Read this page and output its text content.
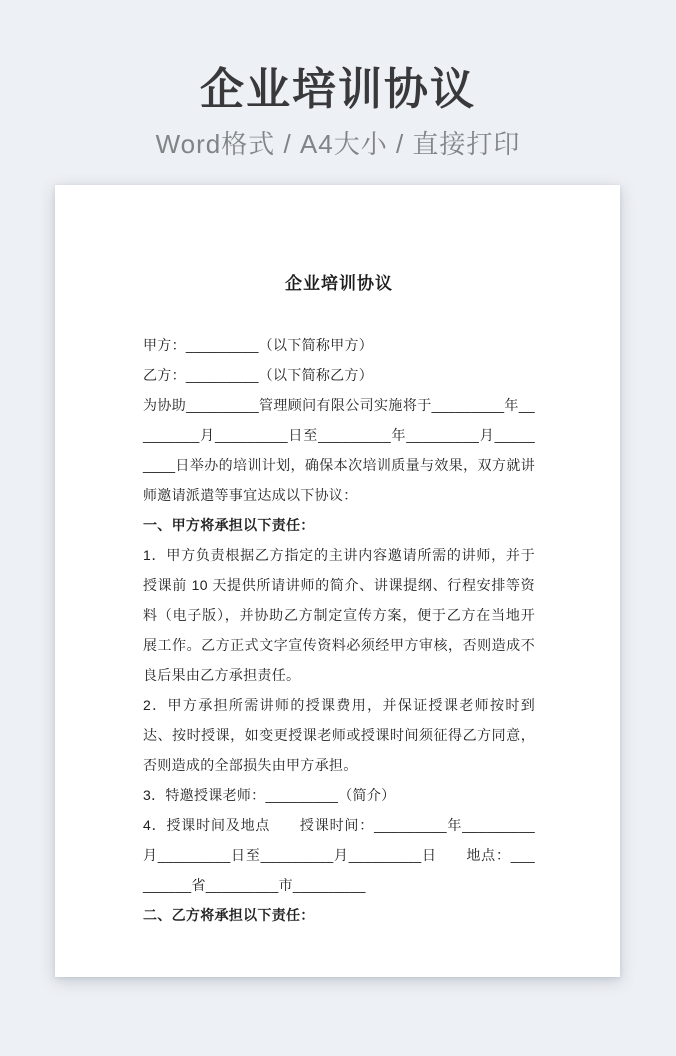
企业培训协议
Word格式 / A4大小 / 直接打印
企业培训协议

甲方：_________（以下简称甲方）

乙方：_________（以下简称乙方）

为协助_________管理顾问有限公司实施将于_________年_________月_________日至_________年_________月_________日举办的培训计划，确保本次培训质量与效果，双方就讲师邀请派遣等事宜达成以下协议：

一、甲方将承担以下责任：

1．甲方负责根据乙方指定的主讲内容邀请所需的讲师，并于授课前 10 天提供所请讲师的简介、讲课提纲、行程安排等资料（电子版），并协助乙方制定宣传方案，便于乙方在当地开展工作。乙方正式文字宣传资料必须经甲方审核，否则造成不良后果由乙方承担责任。

2．甲方承担所需讲师的授课费用，并保证授课老师按时到达、按时授课，如变更授课老师或授课时间须征得乙方同意，否则造成的全部损失由甲方承担。

3．特邀授课老师：_________（简介）

4．授课时间及地点　　授课时间：_________年_________月_________日至_________月_________日　　地点：_________省_________市_________

二、乙方将承担以下责任：
